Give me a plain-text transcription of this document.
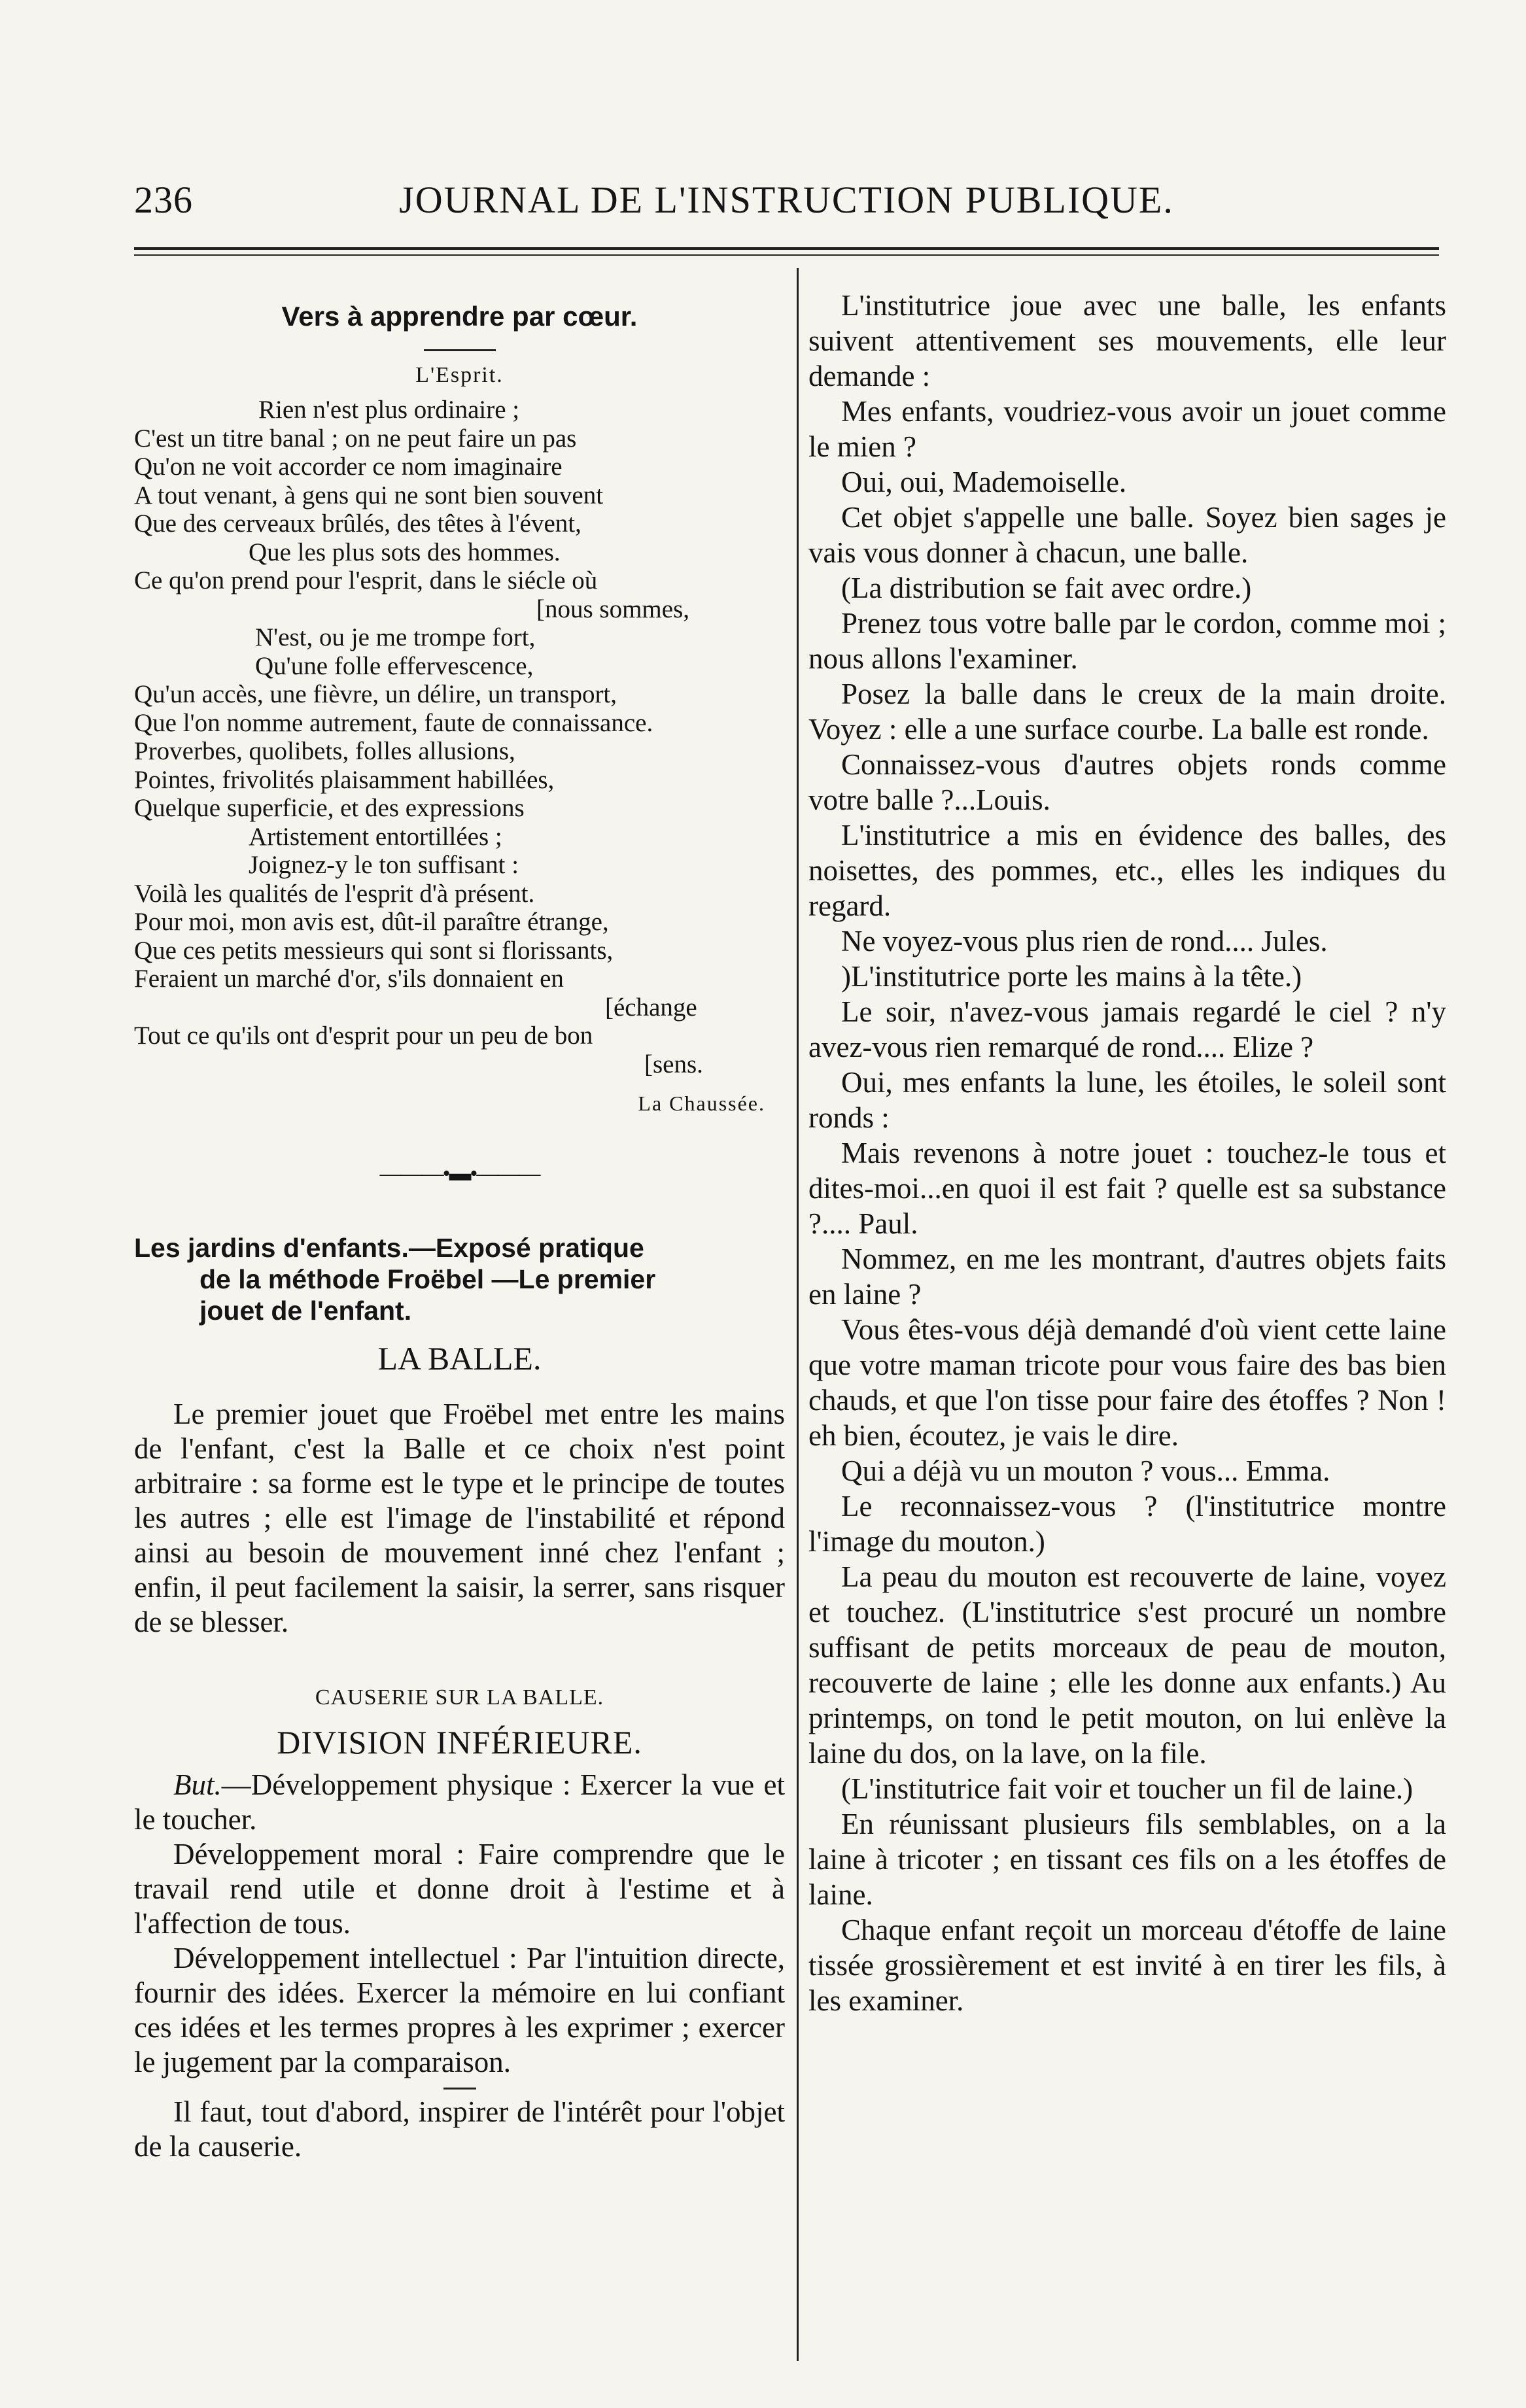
236	JOURNAL DE L'INSTRUCTION PUBLIQUE.
Vers à apprendre par cœur.
L'Esprit.
Rien n'est plus ordinaire ;
C'est un titre banal ; on ne peut faire un pas
Qu'on ne voit accorder ce nom imaginaire
A tout venant, à gens qui ne sont bien souvent
Que des cerveaux brûlés, des têtes à l'évent,
Que les plus sots des hommes.
Ce qu'on prend pour l'esprit, dans le siécle où
[nous sommes,
N'est, ou je me trompe fort,
Qu'une folle effervescence,
Qu'un accès, une fièvre, un délire, un transport,
Que l'on nomme autrement, faute de connaissance.
Proverbes, quolibets, folles allusions,
Pointes, frivolités plaisamment habillées,
Quelque superficie, et des expressions
Artistement entortillées ;
Joignez-y le ton suffisant :
Voilà les qualités de l'esprit d'à présent.
Pour moi, mon avis est, dût-il paraître étrange,
Que ces petits messieurs qui sont si florissants,
Feraient un marché d'or, s'ils donnaient en
[échange
Tout ce qu'ils ont d'esprit pour un peu de bon
[sens.
La Chaussée.
———•▬•———
Les jardins d'enfants.—Exposé pratique
de la méthode Froëbel —Le premier
jouet de l'enfant.
LA BALLE.

Le premier jouet que Froëbel met entre les mains de l'enfant, c'est la Balle et ce choix n'est point arbitraire : sa forme est le type et le principe de toutes les autres ; elle est l'image de l'instabilité et répond ainsi au besoin de mouvement inné chez l'enfant ; enfin, il peut facilement la saisir, la serrer, sans risquer de se blesser.

CAUSERIE SUR LA BALLE.
DIVISION INFÉRIEURE.

But.—Développement physique : Exercer la vue et le toucher.

Développement moral : Faire comprendre que le travail rend utile et donne droit à l'estime et à l'affection de tous.

Développement intellectuel : Par l'intuition directe, fournir des idées. Exercer la mémoire en lui confiant ces idées et les termes propres à les exprimer ; exercer le jugement par la comparaison.

Il faut, tout d'abord, inspirer de l'intérêt pour l'objet de la causerie.

L'institutrice joue avec une balle, les enfants suivent attentivement ses mouvements, elle leur demande :

Mes enfants, voudriez-vous avoir un jouet comme le mien ?

Oui, oui, Mademoiselle.

Cet objet s'appelle une balle. Soyez bien sages je vais vous donner à chacun, une balle.

(La distribution se fait avec ordre.)

Prenez tous votre balle par le cordon, comme moi ; nous allons l'examiner.

Posez la balle dans le creux de la main droite. Voyez : elle a une surface courbe. La balle est ronde.

Connaissez-vous d'autres objets ronds comme votre balle ?...Louis.

L'institutrice a mis en évidence des balles, des noisettes, des pommes, etc., elles les indiques du regard.

Ne voyez-vous plus rien de rond.... Jules.

)L'institutrice porte les mains à la tête.)

Le soir, n'avez-vous jamais regardé le ciel ? n'y avez-vous rien remarqué de rond.... Elize ?

Oui, mes enfants la lune, les étoiles, le soleil sont ronds :

Mais revenons à notre jouet : touchez-le tous et dites-moi...en quoi il est fait ? quelle est sa substance ?.... Paul.

Nommez, en me les montrant, d'autres objets faits en laine ?

Vous êtes-vous déjà demandé d'où vient cette laine que votre maman tricote pour vous faire des bas bien chauds, et que l'on tisse pour faire des étoffes ? Non ! eh bien, écoutez, je vais le dire.

Qui a déjà vu un mouton ? vous... Emma.

Le reconnaissez-vous ? (l'institutrice montre l'image du mouton.)

La peau du mouton est recouverte de laine, voyez et touchez. (L'institutrice s'est procuré un nombre suffisant de petits morceaux de peau de mouton, recouverte de laine ; elle les donne aux enfants.) Au printemps, on tond le petit mouton, on lui enlève la laine du dos, on la lave, on la file.

(L'institutrice fait voir et toucher un fil de laine.)

En réunissant plusieurs fils semblables, on a la laine à tricoter ; en tissant ces fils on a les étoffes de laine.

Chaque enfant reçoit un morceau d'étoffe de laine tissée grossièrement et est invité à en tirer les fils, à les examiner.
